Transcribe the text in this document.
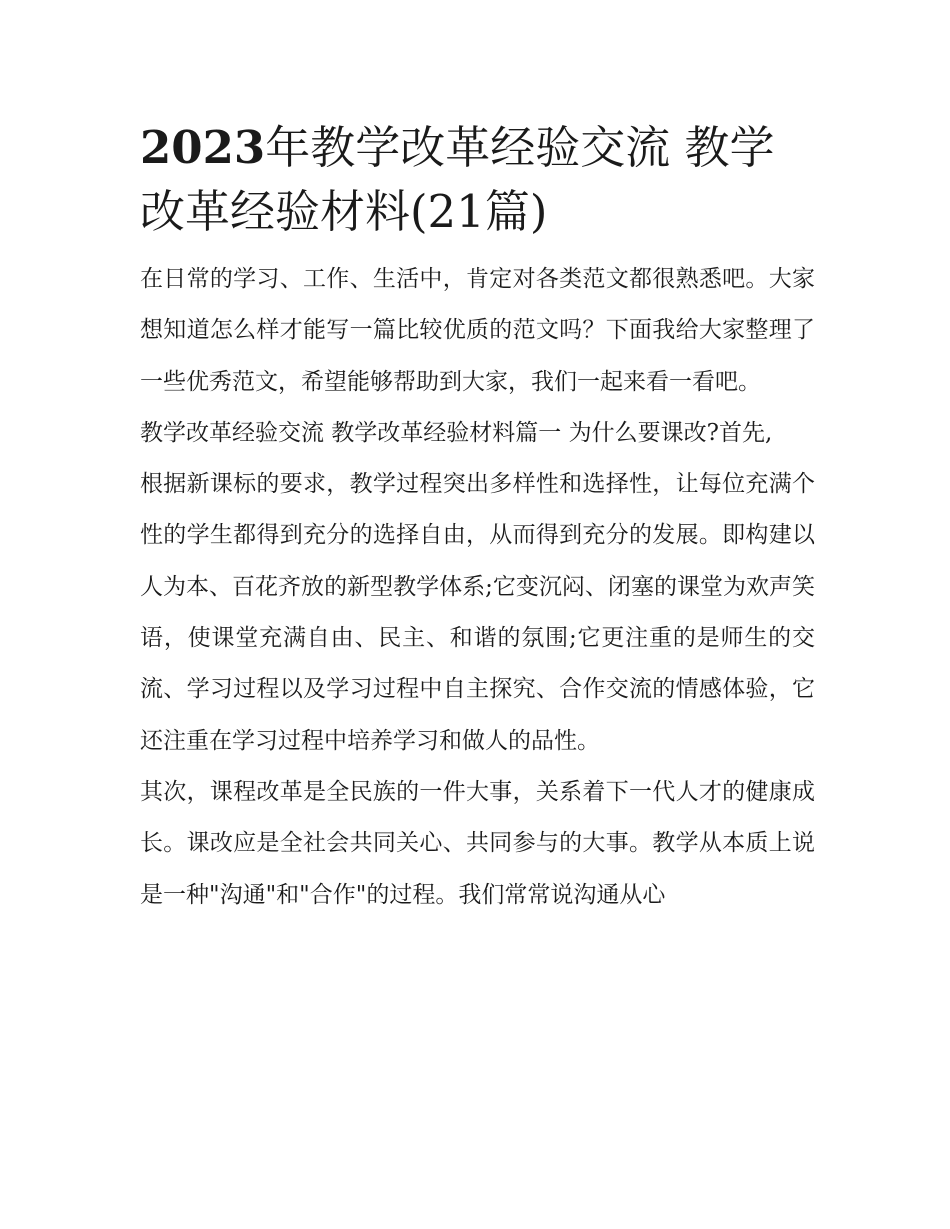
2023年教学改革经验交流 教学改革经验材料(21篇)

在日常的学习、工作、生活中，肯定对各类范文都很熟悉吧。大家想知道怎么样才能写一篇比较优质的范文吗？下面我给大家整理了一些优秀范文，希望能够帮助到大家，我们一起来看一看吧。

教学改革经验交流 教学改革经验材料篇一 为什么要课改?首先,

根据新课标的要求，教学过程突出多样性和选择性，让每位充满个性的学生都得到充分的选择自由，从而得到充分的发展。即构建以人为本、百花齐放的新型教学体系;它变沉闷、闭塞的课堂为欢声笑语，使课堂充满自由、民主、和谐的氛围;它更注重的是师生的交流、学习过程以及学习过程中自主探究、合作交流的情感体验，它还注重在学习过程中培养学习和做人的品性。

其次，课程改革是全民族的一件大事，关系着下一代人才的健康成长。课改应是全社会共同关心、共同参与的大事。教学从本质上说是一种"沟通"和"合作"的过程。我们常常说沟通从心
